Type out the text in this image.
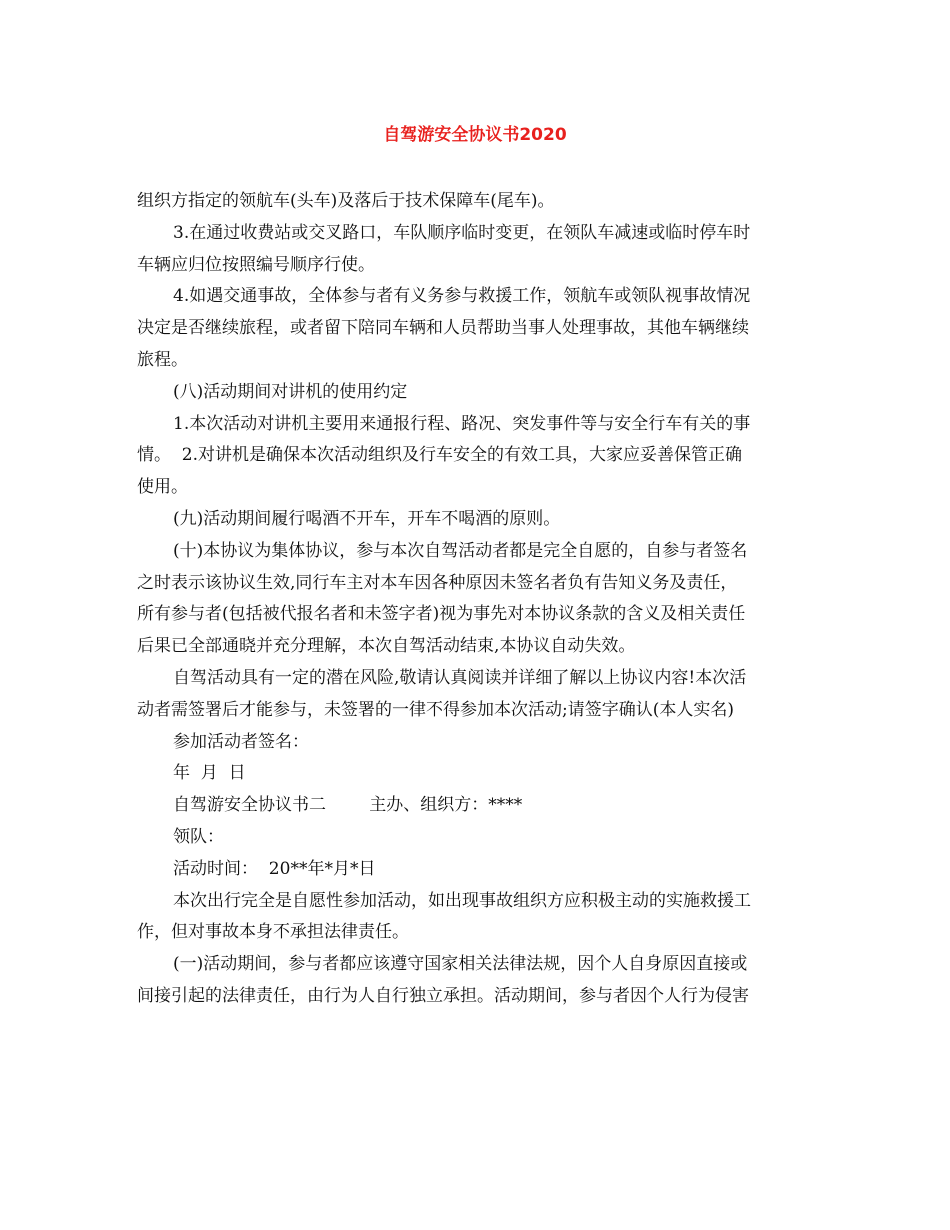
自驾游安全协议书2020
组织方指定的领航车(头车)及落后于技术保障车(尾车)。
3.在通过收费站或交叉路口，车队顺序临时变更，在领队车减速或临时停车时
车辆应归位按照编号顺序行使。
4.如遇交通事故，全体参与者有义务参与救援工作，领航车或领队视事故情况
决定是否继续旅程，或者留下陪同车辆和人员帮助当事人处理事故，其他车辆继续
旅程。
(八)活动期间对讲机的使用约定
1.本次活动对讲机主要用来通报行程、路况、突发事件等与安全行车有关的事
情。  2.对讲机是确保本次活动组织及行车安全的有效工具，大家应妥善保管正确
使用。
(九)活动期间履行喝酒不开车，开车不喝酒的原则。
(十)本协议为集体协议，参与本次自驾活动者都是完全自愿的，自参与者签名
之时表示该协议生效,同行车主对本车因各种原因未签名者负有告知义务及责任，
所有参与者(包括被代报名者和未签字者)视为事先对本协议条款的含义及相关责任
后果已全部通晓并充分理解，本次自驾活动结束,本协议自动失效。
自驾活动具有一定的潜在风险,敬请认真阅读并详细了解以上协议内容!本次活
动者需签署后才能参与，未签署的一律不得参加本次活动;请签字确认(本人实名)
参加活动者签名：
年  月  日
自驾游安全协议书二        主办、组织方：****
领队：
活动时间：  20**年*月*日
本次出行完全是自愿性参加活动，如出现事故组织方应积极主动的实施救援工
作，但对事故本身不承担法律责任。
(一)活动期间，参与者都应该遵守国家相关法律法规，因个人自身原因直接或
间接引起的法律责任，由行为人自行独立承担。活动期间，参与者因个人行为侵害
